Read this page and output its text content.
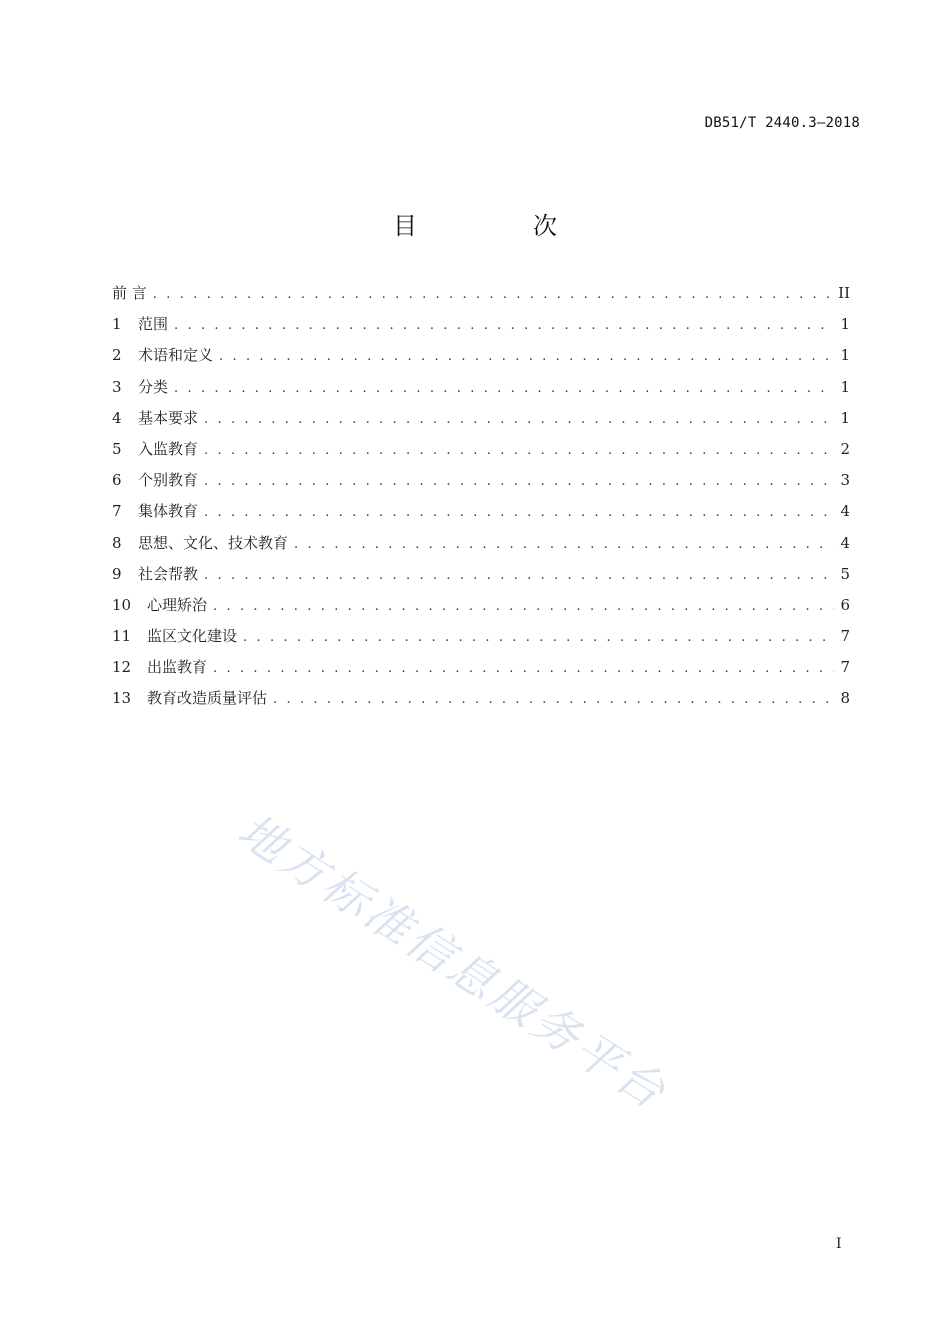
DB51/T 2440.3—2018
目　次
前 言 . . .	II
1	范围 . . .	1
2	术语和定义 . . .	1
3	分类 . . .	1
4	基本要求 . . .	1
5	入监教育 . . .	2
6	个别教育 . . .	3
7	集体教育 . . .	4
8	思想、文化、技术教育 . . .	4
9	社会帮教 . . .	5
10	心理矫治 . . .	6
11	监区文化建设 . . .	7
12	出监教育 . . .	7
13	教育改造质量评估 . . .	8
地方标准信息服务平台
I
